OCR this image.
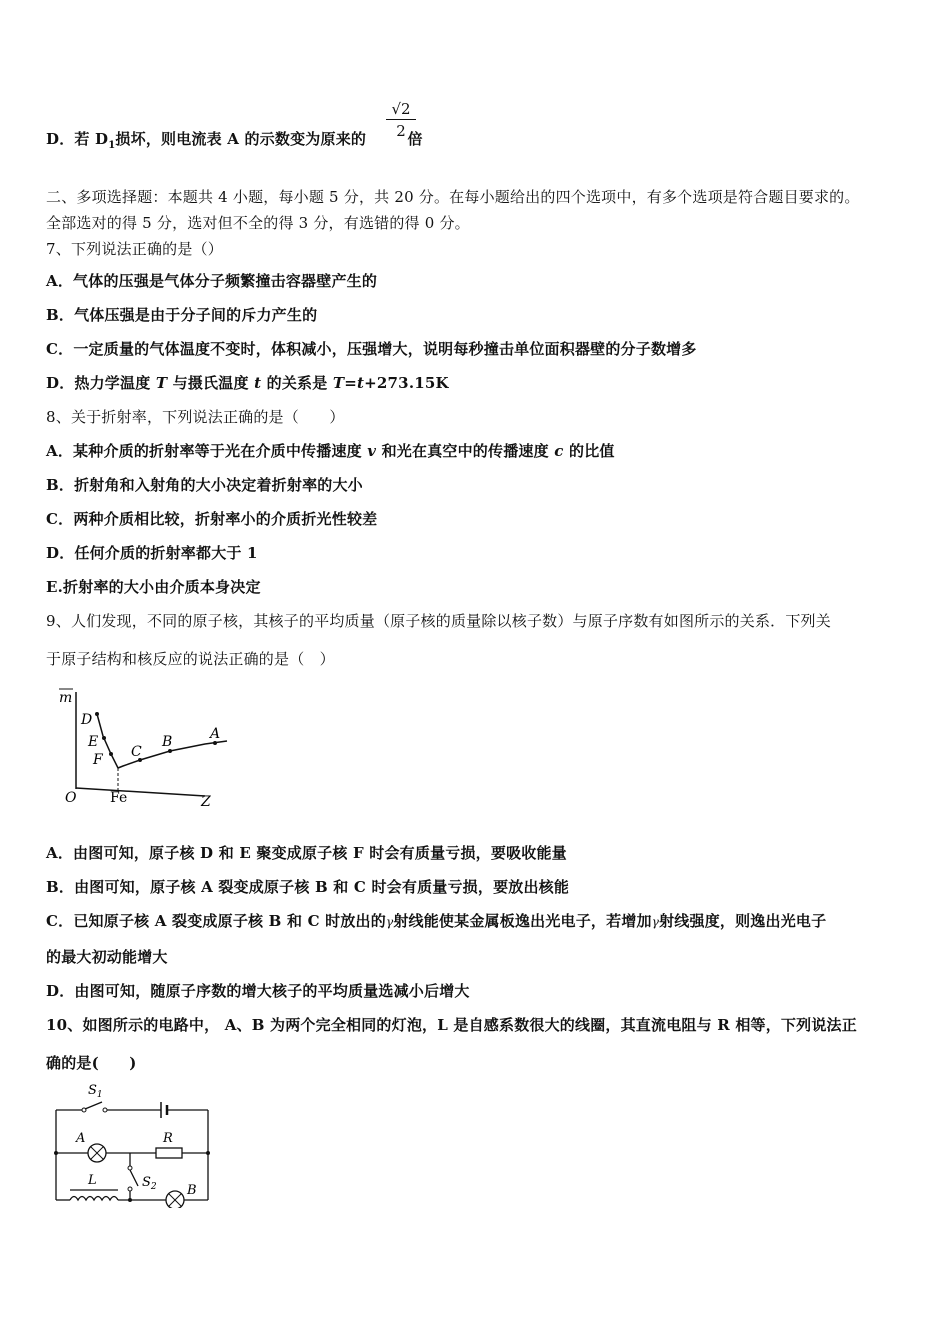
D．若 $D_1$损坏，则电流表 A 的示数变为原来的	倍
$\frac{√2}{2}$
二、多项选择题：本题共 4 小题，每小题 5 分，共 20 分。在每小题给出的四个选项中，有多个选项是符合题目要求的。
全部选对的得 5 分，选对但不全的得 3 分，有选错的得 0 分。
7、下列说法正确的是（）
A．气体的压强是气体分子频繁撞击容器壁产生的
B．气体压强是由于分子间的斥力产生的
C．一定质量的气体温度不变时，体积减小，压强增大，说明每秒撞击单位面积器壁的分子数增多
D．热力学温度 T 与摄氏温度 t 的关系是 T=t+273.15K
8、关于折射率，下列说法正确的是（　　）
A．某种介质的折射率等于光在介质中传播速度 v 和光在真空中的传播速度 c 的比值
B．折射角和入射角的大小决定着折射率的大小
C．两种介质相比较，折射率小的介质折光性较差
D．任何介质的折射率都大于 1
E.折射率的大小由介质本身决定
9、人们发现，不同的原子核，其核子的平均质量（原子核的质量除以核子数）与原子序数有如图所示的关系．下列关
于原子结构和核反应的说法正确的是（　）
m
O	Z
Fe
D
E
F C
B	A
A．由图可知，原子核 D 和 E 聚变成原子核 F 时会有质量亏损，要吸收能量
B．由图可知，原子核 A 裂变成原子核 B 和 C 时会有质量亏损，要放出核能
C．已知原子核 A 裂变成原子核 B 和 C 时放出的γ射线能使某金属板逸出光电子，若增加γ射线强度，则逸出光电子
的最大初动能增大
D．由图可知，随原子序数的增大核子的平均质量选减小后增大
10、如图所示的电路中， A、B 为两个完全相同的灯泡，L 是自感系数很大的线圈，其直流电阻与 R 相等，下列说法正
确的是(　　)
$S_1$
A	R
$S_2$
L
B
